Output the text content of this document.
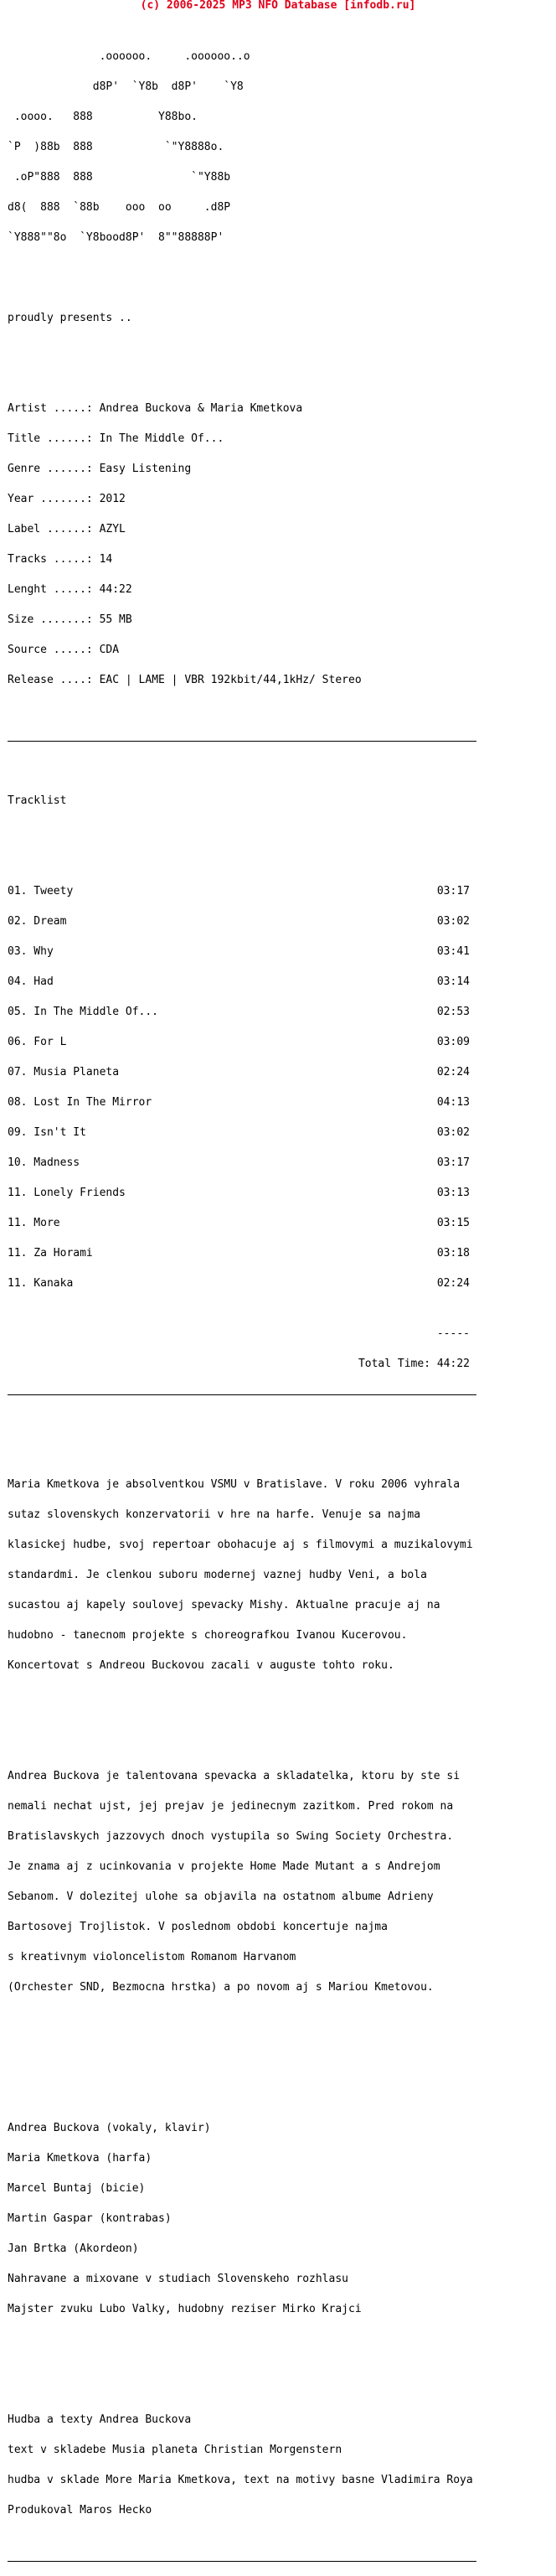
(c) 2006-2025 MP3 NFO Database [infodb.ru]

.oooooo.     .oooooo..o

d8P'  `Y8b  d8P'    `Y8

.oooo.   888          Y88bo.

`P  )88b  888           `"Y8888o.

.oP"888  888               `"Y88b

d8(  888  `88b    ooo  oo     .d8P

`Y888""8o  `Y8bood8P'  8""88888P'

proudly presents ..

Artist .....: Andrea Buckova & Maria Kmetkova

Title ......: In The Middle Of...

Genre ......: Easy Listening

Year .......: 2012

Label ......: AZYL

Tracks .....: 14

Lenght .....: 44:22

Size .......: 55 MB

Source .....: CDA

Release ....: EAC | LAME | VBR 192kbit/44,1kHz/ Stereo

Tracklist

01. Tweety	03:17

02. Dream	03:02

03. Why	03:41

04. Had	03:14

05. In The Middle Of...	02:53

06. For L	03:09

07. Musia Planeta	02:24

08. Lost In The Mirror	04:13

09. Isn't It	03:02

10. Madness	03:17

11. Lonely Friends	03:13

11. More	03:15

11. Za Horami	03:18

11. Kanaka	02:24

-----

Total Time: 44:22

Maria Kmetkova je absolventkou VSMU v Bratislave. V roku 2006 vyhrala

sutaz slovenskych konzervatorii v hre na harfe. Venuje sa najma

klasickej hudbe, svoj repertoar obohacuje aj s filmovymi a muzikalovymi

standardmi. Je clenkou suboru modernej vaznej hudby Veni, a bola

sucastou aj kapely soulovej spevacky Mishy. Aktualne pracuje aj na

hudobno - tanecnom projekte s choreografkou Ivanou Kucerovou.

Koncertovat s Andreou Buckovou zacali v auguste tohto roku.

Andrea Buckova je talentovana spevacka a skladatelka, ktoru by ste si

nemali nechat ujst, jej prejav je jedinecnym zazitkom. Pred rokom na

Bratislavskych jazzovych dnoch vystupila so Swing Society Orchestra.

Je znama aj z ucinkovania v projekte Home Made Mutant a s Andrejom

Sebanom. V dolezitej ulohe sa objavila na ostatnom albume Adrieny

Bartosovej Trojlistok. V poslednom obdobi koncertuje najma

s kreativnym violoncelistom Romanom Harvanom

(Orchester SND, Bezmocna hrstka) a po novom aj s Mariou Kmetovou.

Andrea Buckova (vokaly, klavir)

Maria Kmetkova (harfa)

Marcel Buntaj (bicie)

Martin Gaspar (kontrabas)

Jan Brtka (Akordeon)

Nahravane a mixovane v studiach Slovenskeho rozhlasu

Majster zvuku Lubo Valky, hudobny reziser Mirko Krajci

Hudba a texty Andrea Buckova

text v skladebe Musia planeta Christian Morgenstern

hudba v sklade More Maria Kmetkova, text na motivy basne Vladimira Roya

Produkoval Maros Hecko
